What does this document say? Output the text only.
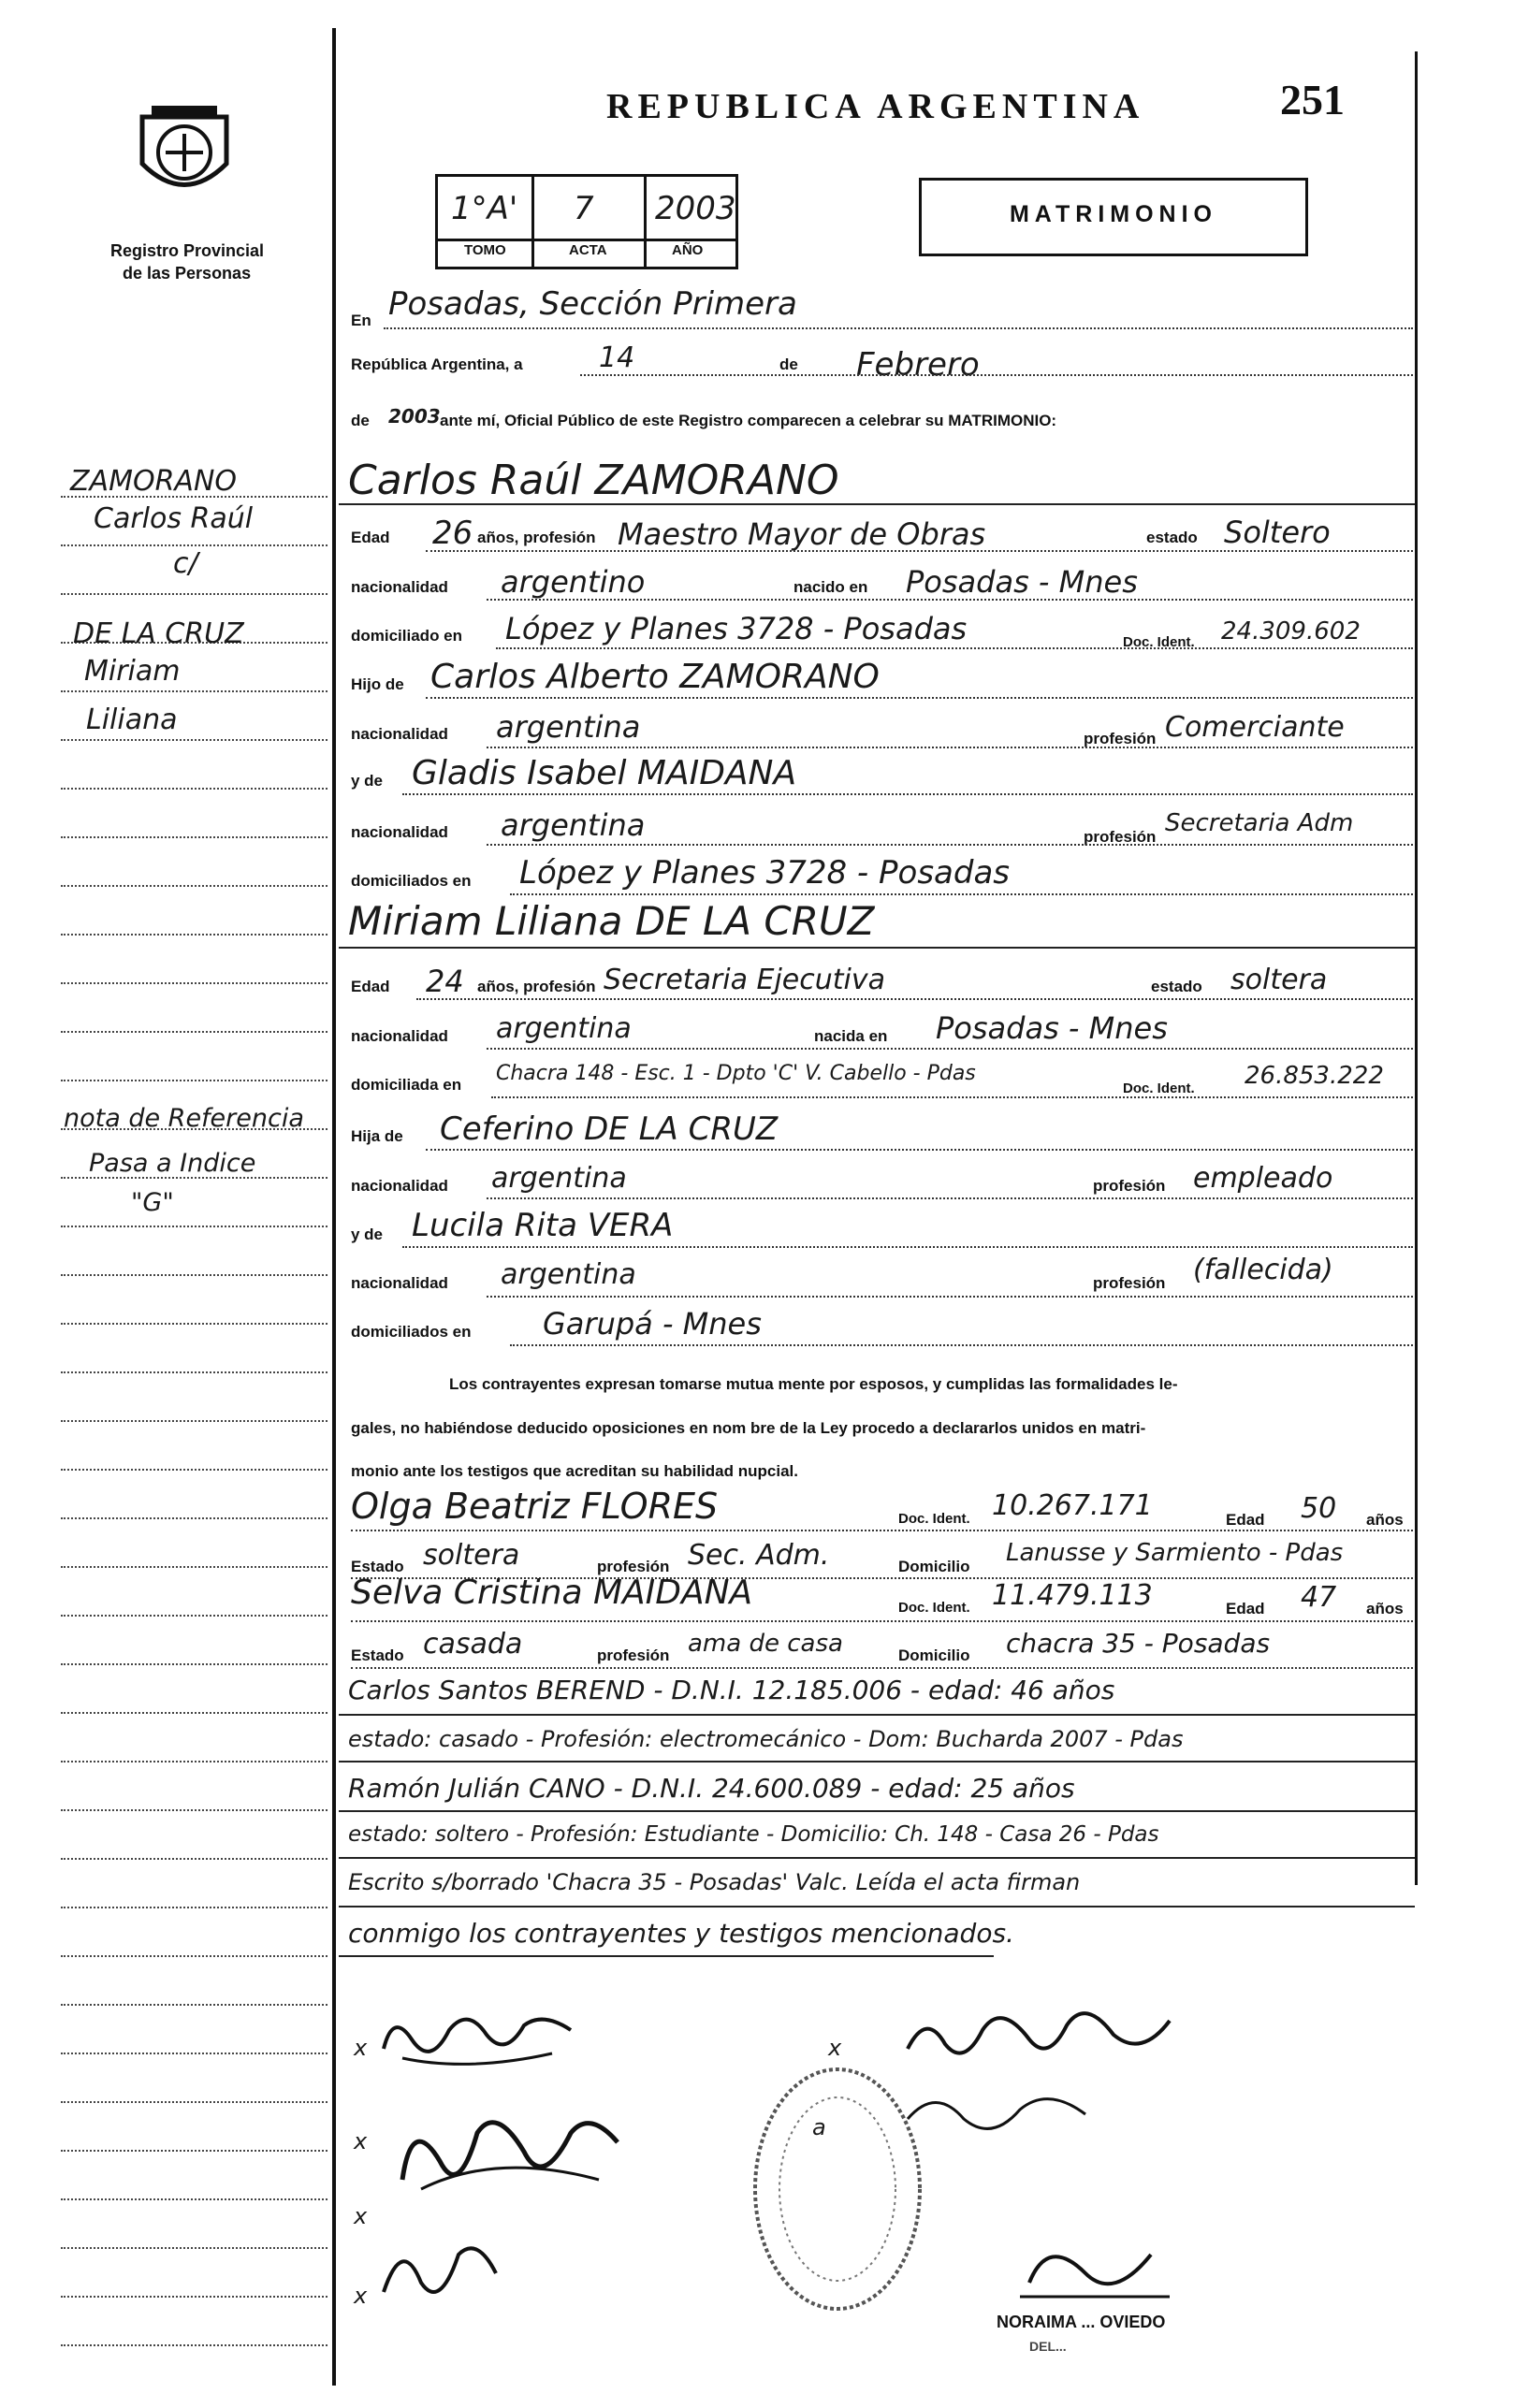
Registro Provincial
de las Personas
REPUBLICA ARGENTINA	251
1°A' 7 2003
TOMO	ACTA	AÑO
MATRIMONIO
En Posadas, Sección Primera
República Argentina, a	14	de Febrero
de 2003 ante mí, Oficial Público de este Registro comparecen a celebrar su MATRIMONIO:
Carlos Raúl ZAMORANO
Edad 26 años, profesión Maestro Mayor de Obras	estado Soltero
nacionalidad argentino	nacido en Posadas - Mnes
domiciliado en López y Planes 3728 - Posadas	Doc. Ident. 24.309.602
Hijo de Carlos Alberto ZAMORANO
nacionalidad argentina	profesión Comerciante
y de Gladis Isabel MAIDANA
nacionalidad argentina	profesión Secretaria Adm
domiciliados en López y Planes 3728 - Posadas
Miriam Liliana DE LA CRUZ
Edad 24 años, profesión Secretaria Ejecutiva	estado soltera
nacionalidad argentina	nacida en Posadas - Mnes
domiciliada en Chacra 148 - Esc. 1 - Dpto 'C' V. Cabello - Pdas
Doc. Ident. 26.853.222
Hija de Ceferino DE LA CRUZ
nacionalidad argentina	profesión empleado
y de Lucila Rita VERA
nacionalidad argentina	profesión (fallecida)
domiciliados en Garupá - Mnes
Los contrayentes expresan tomarse mutua mente por esposos, y cumplidas las formalidades le-
gales, no habiéndose deducido oposiciones en nom bre de la Ley procedo a declararlos unidos en matri-
monio ante los testigos que acreditan su habilidad nupcial.
Olga Beatriz FLORES	Doc. Ident. 10.267.171	Edad 50 años
Estado soltera	profesión Sec. Adm.	Domicilio Lanusse y Sarmiento - Pdas
Selva Cristina MAIDANA	Doc. Ident. 11.479.113	Edad 47 años
Estado casada	profesión ama de casa	Domicilio chacra 35 - Posadas
Carlos Santos BEREND - D.N.I. 12.185.006 - edad: 46 años
estado: casado - Profesión: electromecánico - Dom: Bucharda 2007 - Pdas
Ramón Julián CANO - D.N.I. 24.600.089 - edad: 25 años
estado: soltero - Profesión: Estudiante - Domicilio: Ch. 148 - Casa 26 - Pdas
Escrito s/borrado 'Chacra 35 - Posadas' Valc. Leída el acta firman
conmigo los contrayentes y testigos mencionados.
x	x
x
x
x
a
NORAIMA ... OVIEDO
DEL...
ZAMORANO
Carlos Raúl
c/
DE LA CRUZ
Miriam
Liliana
nota de Referencia
Pasa a Indice
"G"
